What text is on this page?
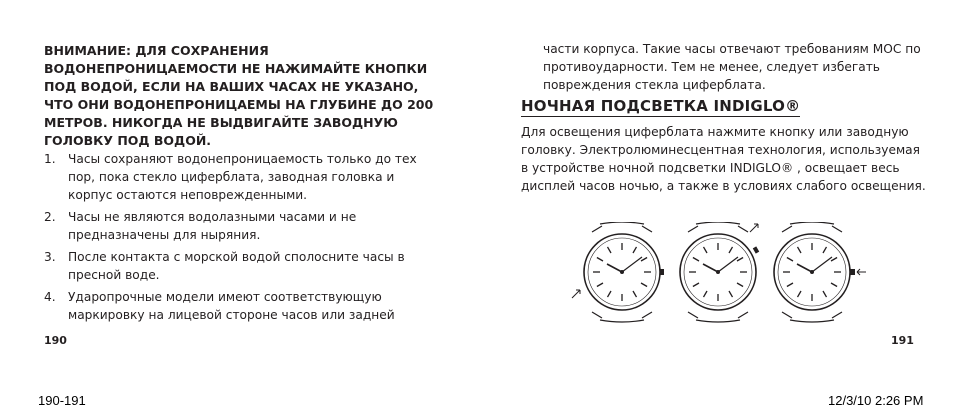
ВНИМАНИЕ: ДЛЯ СОХРАНЕНИЯ ВОДОНЕПРОНИЦАЕМОСТИ НЕ НАЖИМАЙТЕ КНОПКИ ПОД ВОДОЙ, ЕСЛИ НА ВАШИХ ЧАСАХ НЕ УКАЗАНО, ЧТО ОНИ ВОДОНЕПРОНИЦАЕМЫ НА ГЛУБИНЕ ДО 200 МЕТРОВ. НИКОГДА НЕ ВЫДВИГАЙТЕ ЗАВОДНУЮ ГОЛОВКУ ПОД ВОДОЙ.

1.	Часы сохраняют водонепроницаемость только до тех пор, пока стекло циферблата, заводная головка и корпус остаются неповрежденными.
2.	Часы не являются водолазными часами и не предназначены для ныряния.
3.	После контакта с морской водой сполосните часы в пресной воде.
4.	Ударопрочные модели имеют соответствующую маркировку на лицевой стороне часов или задней
190

части корпуса. Такие часы отвечают требованиям МОС по противоударности. Тем не менее, следует избегать повреждения стекла циферблата.

НОЧНАЯ ПОДСВЕТКА INDIGLO®

Для освещения циферблата нажмите кнопку или заводную головку. Электролюминесцентная технология, используемая в устройстве ночной подсветки INDIGLO® , освещает весь дисплей часов ночью, а также в условиях слабого освещения.

191
190-191	12/3/10 2:26 PM
